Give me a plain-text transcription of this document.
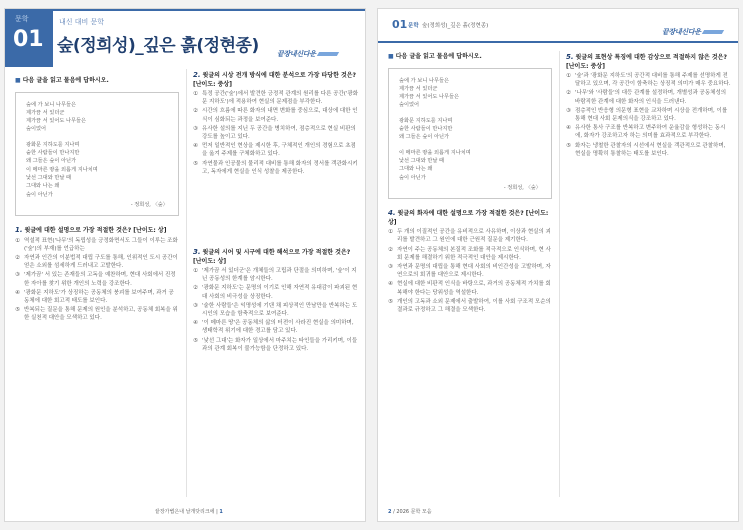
문학
01
내신 대비 문학
숲(정희성)_깊은 흙(정현종)	끝장내신다운
■ 다음 글을 읽고 물음에 답하시오.
숲에 가 보니 나무들은
제가끔 서 있더군
제가끔 서 있어도 나무들은
숲이었어
광화문 지하도를 지나며
숱한 사람들이 만나지만
왜 그들은 숲이 아닌가
이 메마른 땅을 외롭게 지나치며
낯선 그대와 만날 때
그대와 나는 왜
숲이 아닌가
- 정희성, 〈숲〉
1. 윗글에 대한 설명으로 가장 적절한 것은? [난이도: 상]
① 역설적 표현('나무'의 독립성을 긍정화면서도 그들이 이루는 조화('숲')의 부재)를 언급하는
② 자연과 인간의 이분법적 대립 구도를 통해, 인위적인 도시 공간이 얻은 소외를 섬세하게 드러내고 고발한다.
③ '제가끔' 서 있는 존재들의 고독을 예찬하며, 현대 사회에서 진정한 자아를 찾기 위한 개인의 노력을 강조한다.
④ '광화문 지하도'가 상징하는 공동체의 붕괴를 보여주며, 과거 공동체에 대한 회고적 태도를 보인다.
⑤ 반복되는 질문을 통해 문제의 원인을 분석하고, 공동체 회복을 위한 실천적 대안을 모색하고 있다.
2. 윗글의 시상 전개 방식에 대한 분석으로 가장 타당한 것은? [난이도: 중상]
① 특정 공간('숲')에서 발견한 긍정적 관계의 원리를 다른 공간('광화문 지하도')에 적용하여 현실의 문제점을 부각한다.
② 시간의 흐름에 따른 화자의 내면 변화를 중심으로, 대상에 대한 인식이 심화되는 과정을 보여준다.
③ 유사한 설의를 지닌 두 공간을 병치하여, 점층적으로 현실 비판의 강도를 높이고 있다.
④ 먼저 일반적인 현상을 제시한 후, 구체적인 개인의 경험으로 초점을 옮겨 주제를 구체화하고 있다.
⑤ 자연물과 인공물의 물리적 대비를 통해 화자의 정서를 객관화시키고, 독자에게 현실을 인식 성찰을 제공한다.
3. 윗글의 시어 및 시구에 대한 해석으로 가장 적절한 것은? [난이도: 상]
① '제가끔 서 있더군'은 개체들의 고립과 단절을 의미하며, '숲'이 지닌 공동성의 한계를 암시한다.
② '광화문 지하도'는 문명의 이기로 인해 자연적 유대감이 파괴된 현대 사회의 비극성을 상징한다.
③ '숱한 사람들'은 익명성에 기댄 채 피상적인 만남만을 반복하는 도시인의 모습을 함축적으로 보여준다.
④ '이 메마른 땅'은 공동체의 삶의 터전이 사라진 현실을 의미하며, 생태학적 위기에 대한 경고를 담고 있다.
⑤ '낯선 그대'는 화자가 일상에서 마주치는 타인들을 가리키며, 이들과의 관계 회복이 불가능함을 단정하고 있다.
끝장가볍은내 날개닷리크에 | 1
01 문학 숲(정희성)_깊은 흙(정현종)
끝장내신다운
■ 다음 글을 읽고 물음에 답하시오.
숲에 가 보니 나무들은
제가끔 서 있더군
제가끔 서 있어도 나무들은
숲이었어
광화문 지하도를 지나며
숱한 사람들이 만나지만
왜 그들은 숲이 아닌가
이 메마른 땅을 외롭게 지나치며
낯선 그대와 만날 때
그대와 나는 왜
숲이 아닌가
- 정희성, 〈숲〉
4. 윗글의 화자에 대한 설명으로 가장 적절한 것은? [난이도: 상]
① 두 개의 이질적인 공간을 유비적으로 사유하며, 이상과 현실의 괴리를 발견하고 그 원인에 대한 근원적 질문을 제기한다.
② 자연이 주는 공동체의 본질적 조화를 적극적으로 인식하며, 현 사회 문제를 해결하기 위한 적극적인 대안을 제시한다.
③ 자연과 문명의 대립을 통해 현대 사회의 비인간성을 고발하며, 자연으로의 회귀를 대안으로 제시한다.
④ 현실에 대한 비판적 인식을 바탕으로, 과거의 공동체적 가치를 회복해야 한다는 당위성을 역설한다.
⑤ 개인의 고독과 소외 문제에서 출발하여, 이를 사회 구조적 모순의 결과로 규정하고 그 해결을 모색한다.
5. 윗글의 표현상 특징에 대한 감상으로 적절하지 않은 것은? [난이도: 중상]
① '숲'과 '광화문 지하도'의 공간적 대비를 통해 주제를 선명하게 전달하고 있으며, 각 공간이 함축하는 상징적 의미가 매우 중요하다.
② '나무'와 '사람들'의 대등 관계를 설정하며, 개별성과 공동체성의 바람직한 관계에 대한 화자의 인식을 드러낸다.
③ 점층적인 반응형 의문형 표현을 교차하며 시상을 전개하며, 이를 통해 현대 사회 문제의식을 강조하고 있다.
④ 유사한 통사 구조를 반복하고 변주하여 운율감을 형성하는 동시에, 화자가 강조하고자 하는 의미를 효과적으로 부각한다.
⑤ 화자는 냉철한 관찰자의 시선에서 현실을 객관적으로 관찰하며, 현실을 명확히 통찰하는 태도를 보인다.
2 / 2026 문학 모음
